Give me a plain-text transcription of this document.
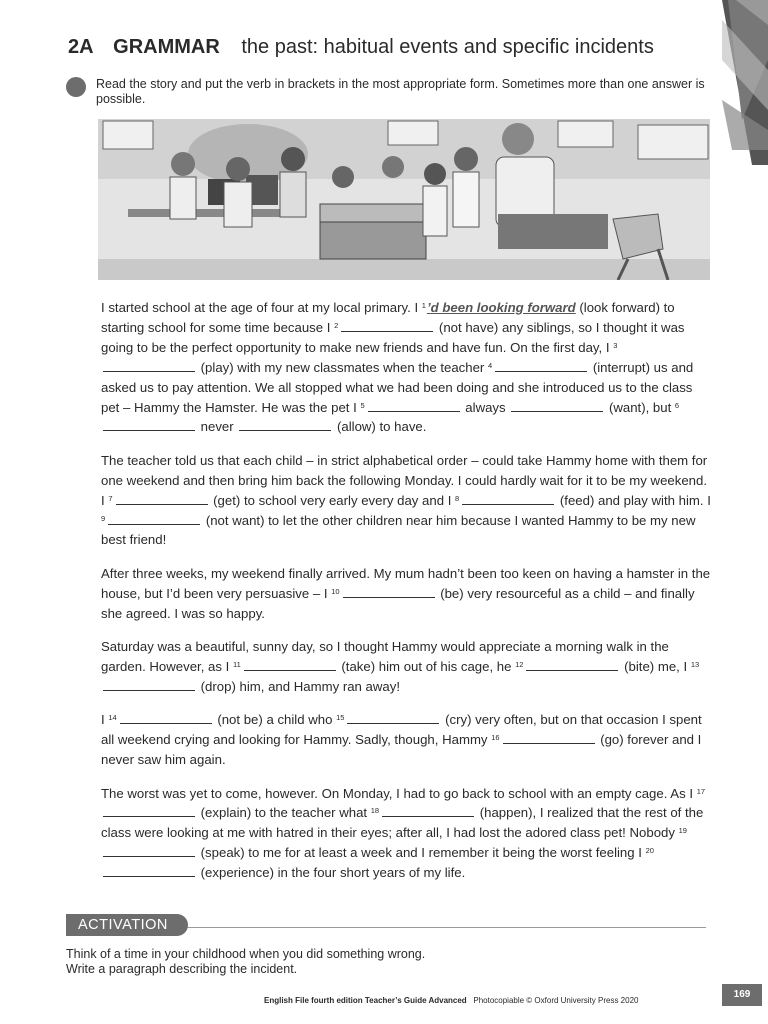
2A GRAMMAR the past: habitual events and specific incidents
Read the story and put the verb in brackets in the most appropriate form. Sometimes more than one answer is possible.

I started school at the age of four at my local primary. I $^1$’d been looking forward (look forward) to starting school for some time because I $^2$	(not have) any siblings, so I thought it was going to be the perfect opportunity to make new friends and have fun. On the first day, I $^3$ (play) with my new classmates when the teacher $^4$	(interrupt) us and asked us to pay attention. We all stopped what we had been doing and she introduced us to the class pet – Hammy the Hamster. He was the pet I $^5$	always	(want), but $^6$ never	(allow) to have.

The teacher told us that each child – in strict alphabetical order – could take Hammy home with them for one weekend and then bring him back the following Monday. I could hardly wait for it to be my weekend. I $^7$	(get) to school very early every day and I $^8$	(feed) and play with him. I $^9$	(not want) to let the other children near him because I wanted Hammy to be my new best friend!

After three weeks, my weekend finally arrived. My mum hadn’t been too keen on having a hamster in the house, but I’d been very persuasive – I $^{10}$	(be) very resourceful as a child – and finally she agreed. I was so happy.

Saturday was a beautiful, sunny day, so I thought Hammy would appreciate a morning walk in the garden. However, as I $^{11}$	(take) him out of his cage, he $^{12}$	(bite) me, I $^{13}$ (drop) him, and Hammy ran away!

I $^{14}$	(not be) a child who $^{15}$	(cry) very often, but on that occasion I spent all weekend crying and looking for Hammy. Sadly, though, Hammy $^{16}$	(go) forever and I never saw him again.

The worst was yet to come, however. On Monday, I had to go back to school with an empty cage. As I $^{17}$ (explain) to the teacher what $^{18}$	(happen), I realized that the rest of the class were looking at me with hatred in their eyes; after all, I had lost the adored class pet! Nobody $^{19}$ (speak) to me for at least a week and I remember it being the worst feeling I $^{20}$ (experience) in the four short years of my life.

ACTIVATION
Think of a time in your childhood when you did something wrong.
Write a paragraph describing the incident.
English File fourth edition Teacher’s Guide Advanced Photocopiable © Oxford University Press 2020
169
